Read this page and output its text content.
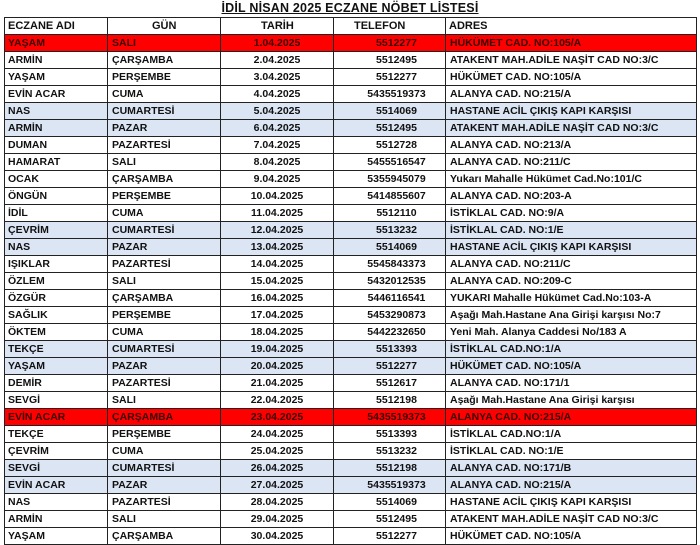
İDİL NİSAN 2025 ECZANE NÖBET LİSTESİ
ECZANE ADI	GÜN	TARİH	TELEFON	ADRES
YAŞAM	SALI	1.04.2025	5512277	HÜKÜMET CAD. NO:105/A
ARMİN	ÇARŞAMBA	2.04.2025	5512495	ATAKENT MAH.ADİLE NAŞİT CAD NO:3/C
YAŞAM	PERŞEMBE	3.04.2025	5512277	HÜKÜMET CAD. NO:105/A
EVİN ACAR	CUMA	4.04.2025	5435519373	ALANYA CAD. NO:215/A
NAS	CUMARTESİ	5.04.2025	5514069	HASTANE ACİL ÇIKIŞ KAPI KARŞISI
ARMİN	PAZAR	6.04.2025	5512495	ATAKENT MAH.ADİLE NAŞİT CAD NO:3/C
DUMAN	PAZARTESİ	7.04.2025	5512728	ALANYA CAD. NO:213/A
HAMARAT	SALI	8.04.2025	5455516547	ALANYA CAD. NO:211/C
OCAK	ÇARŞAMBA	9.04.2025	5355945079	Yukarı Mahalle Hükümet Cad.No:101/C
ÖNGÜN	PERŞEMBE	10.04.2025	5414855607	ALANYA CAD. NO:203-A
İDİL	CUMA	11.04.2025	5512110	İSTİKLAL CAD. NO:9/A
ÇEVRİM	CUMARTESİ	12.04.2025	5513232	İSTİKLAL CAD. NO:1/E
NAS	PAZAR	13.04.2025	5514069	HASTANE ACİL ÇIKIŞ KAPI KARŞISI
IŞIKLAR	PAZARTESİ	14.04.2025	5545843373	ALANYA CAD. NO:211/C
ÖZLEM	SALI	15.04.2025	5432012535	ALANYA CAD. NO:209-C
ÖZGÜR	ÇARŞAMBA	16.04.2025	5446116541	YUKARI Mahalle Hükümet Cad.No:103-A
SAĞLIK	PERŞEMBE	17.04.2025	5453290873	Aşağı Mah.Hastane Ana Girişi karşısı No:7
ÖKTEM	CUMA	18.04.2025	5442232650	Yeni Mah. Alanya Caddesi No/183 A
TEKÇE	CUMARTESİ	19.04.2025	5513393	İSTİKLAL CAD.NO:1/A
YAŞAM	PAZAR	20.04.2025	5512277	HÜKÜMET CAD. NO:105/A
DEMİR	PAZARTESİ	21.04.2025	5512617	ALANYA CAD. NO:171/1
SEVGİ	SALI	22.04.2025	5512198	Aşağı Mah.Hastane Ana Girişi karşısı
EVİN ACAR	ÇARŞAMBA	23.04.2025	5435519373	ALANYA CAD. NO:215/A
TEKÇE	PERŞEMBE	24.04.2025	5513393	İSTİKLAL CAD.NO:1/A
ÇEVRİM	CUMA	25.04.2025	5513232	İSTİKLAL CAD. NO:1/E
SEVGİ	CUMARTESİ	26.04.2025	5512198	ALANYA CAD. NO:171/B
EVİN ACAR	PAZAR	27.04.2025	5435519373	ALANYA CAD. NO:215/A
NAS	PAZARTESİ	28.04.2025	5514069	HASTANE ACİL ÇIKIŞ KAPI KARŞISI
ARMİN	SALI	29.04.2025	5512495	ATAKENT MAH.ADİLE NAŞİT CAD NO:3/C
YAŞAM	ÇARŞAMBA	30.04.2025	5512277	HÜKÜMET CAD. NO:105/A
